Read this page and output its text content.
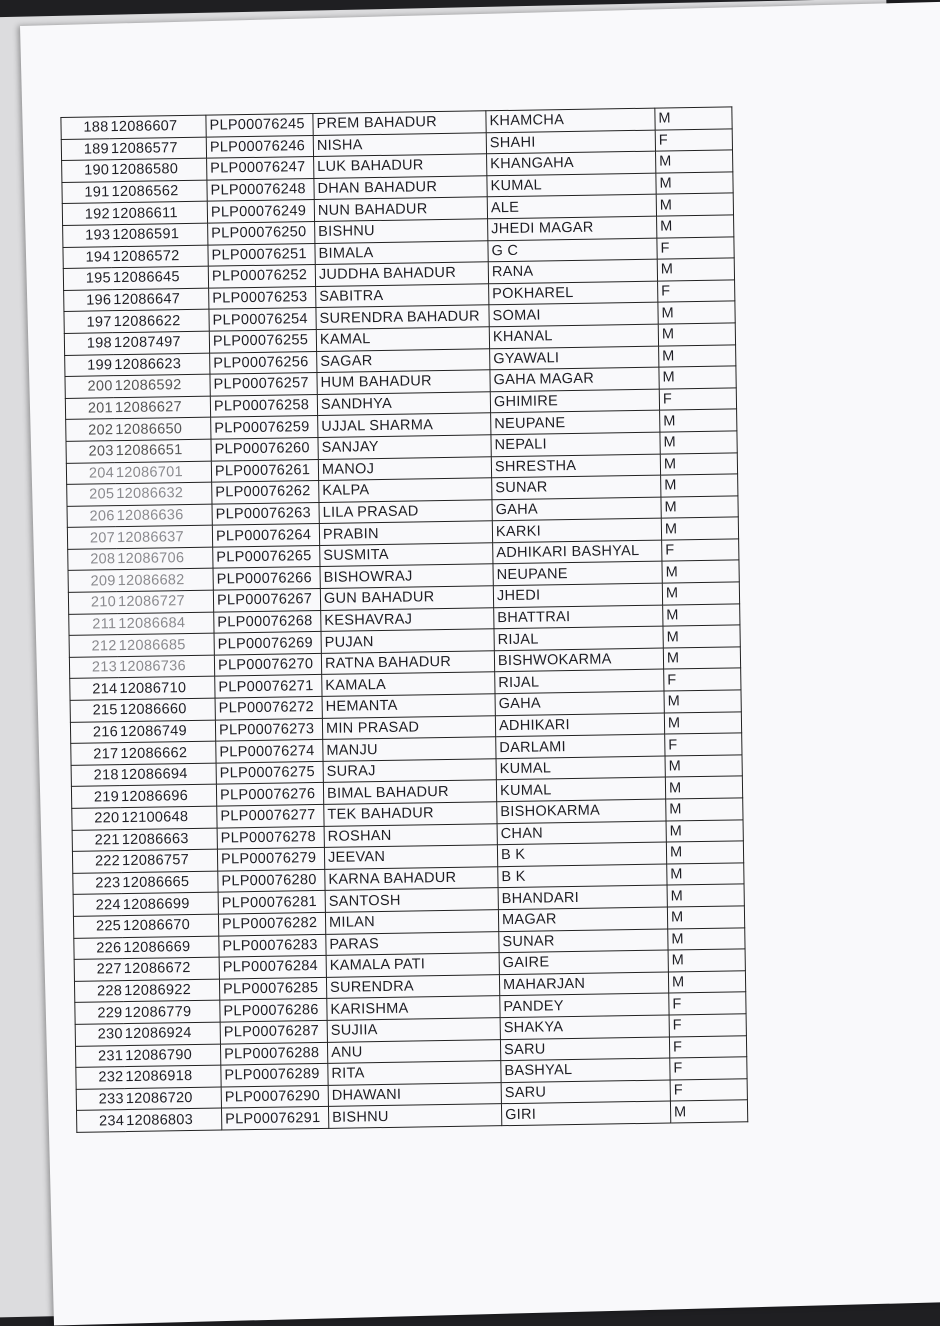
188	12086607	PLP00076245	PREM BAHADUR	KHAMCHA	M
189	12086577	PLP00076246	NISHA	SHAHI	F
190	12086580	PLP00076247	LUK BAHADUR	KHANGAHA	M
191	12086562	PLP00076248	DHAN BAHADUR	KUMAL	M
192	12086611	PLP00076249	NUN BAHADUR	ALE	M
193	12086591	PLP00076250	BISHNU	JHEDI MAGAR	M
194	12086572	PLP00076251	BIMALA	G C	F
195	12086645	PLP00076252	JUDDHA BAHADUR	RANA	M
196	12086647	PLP00076253	SABITRA	POKHAREL	F
197	12086622	PLP00076254	SURENDRA BAHADUR	SOMAI	M
198	12087497	PLP00076255	KAMAL	KHANAL	M
199	12086623	PLP00076256	SAGAR	GYAWALI	M
200	12086592	PLP00076257	HUM BAHADUR	GAHA MAGAR	M
201	12086627	PLP00076258	SANDHYA	GHIMIRE	F
202	12086650	PLP00076259	UJJAL SHARMA	NEUPANE	M
203	12086651	PLP00076260	SANJAY	NEPALI	M
204	12086701	PLP00076261	MANOJ	SHRESTHA	M
205	12086632	PLP00076262	KALPA	SUNAR	M
206	12086636	PLP00076263	LILA PRASAD	GAHA	M
207	12086637	PLP00076264	PRABIN	KARKI	M
208	12086706	PLP00076265	SUSMITA	ADHIKARI BASHYAL	F
209	12086682	PLP00076266	BISHOWRAJ	NEUPANE	M
210	12086727	PLP00076267	GUN BAHADUR	JHEDI	M
211	12086684	PLP00076268	KESHAVRAJ	BHATTRAI	M
212	12086685	PLP00076269	PUJAN	RIJAL	M
213	12086736	PLP00076270	RATNA BAHADUR	BISHWOKARMA	M
214	12086710	PLP00076271	KAMALA	RIJAL	F
215	12086660	PLP00076272	HEMANTA	GAHA	M
216	12086749	PLP00076273	MIN PRASAD	ADHIKARI	M
217	12086662	PLP00076274	MANJU	DARLAMI	F
218	12086694	PLP00076275	SURAJ	KUMAL	M
219	12086696	PLP00076276	BIMAL BAHADUR	KUMAL	M
220	12100648	PLP00076277	TEK BAHADUR	BISHOKARMA	M
221	12086663	PLP00076278	ROSHAN	CHAN	M
222	12086757	PLP00076279	JEEVAN	B K	M
223	12086665	PLP00076280	KARNA BAHADUR	B K	M
224	12086699	PLP00076281	SANTOSH	BHANDARI	M
225	12086670	PLP00076282	MILAN	MAGAR	M
226	12086669	PLP00076283	PARAS	SUNAR	M
227	12086672	PLP00076284	KAMALA PATI	GAIRE	M
228	12086922	PLP00076285	SURENDRA	MAHARJAN	M
229	12086779	PLP00076286	KARISHMA	PANDEY	F
230	12086924	PLP00076287	SUJIIA	SHAKYA	F
231	12086790	PLP00076288	ANU	SARU	F
232	12086918	PLP00076289	RITA	BASHYAL	F
233	12086720	PLP00076290	DHAWANI	SARU	F
234	12086803	PLP00076291	BISHNU	GIRI	M
